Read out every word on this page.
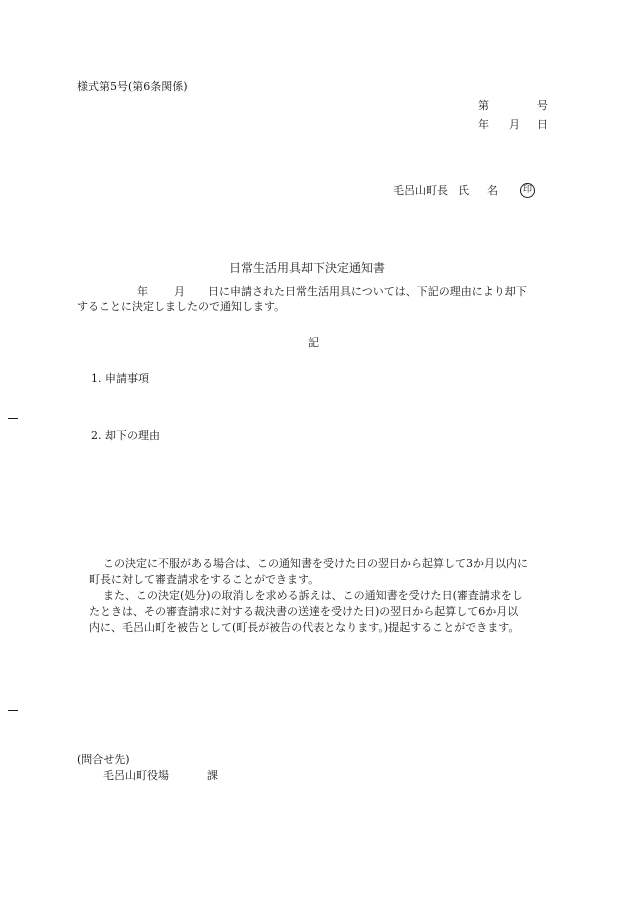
様式第5号(第6条関係)
第	号
年 月 日
毛呂山町長 氏 名	印
日常生活用具却下決定通知書
年 月 日に申請された日常生活用具については、下記の理由により却下
することに決定しましたので通知します。
記
1. 申請事項
2. 却下の理由
この決定に不服がある場合は、この通知書を受けた日の翌日から起算して3か月以内に
町長に対して審査請求をすることができます。
また、この決定(処分)の取消しを求める訴えは、この通知書を受けた日(審査請求をし
たときは、その審査請求に対する裁決書の送達を受けた日)の翌日から起算して6か月以
内に、毛呂山町を被告として(町長が被告の代表となります。)提起することができます。
(問合せ先)
毛呂山町役場	課
